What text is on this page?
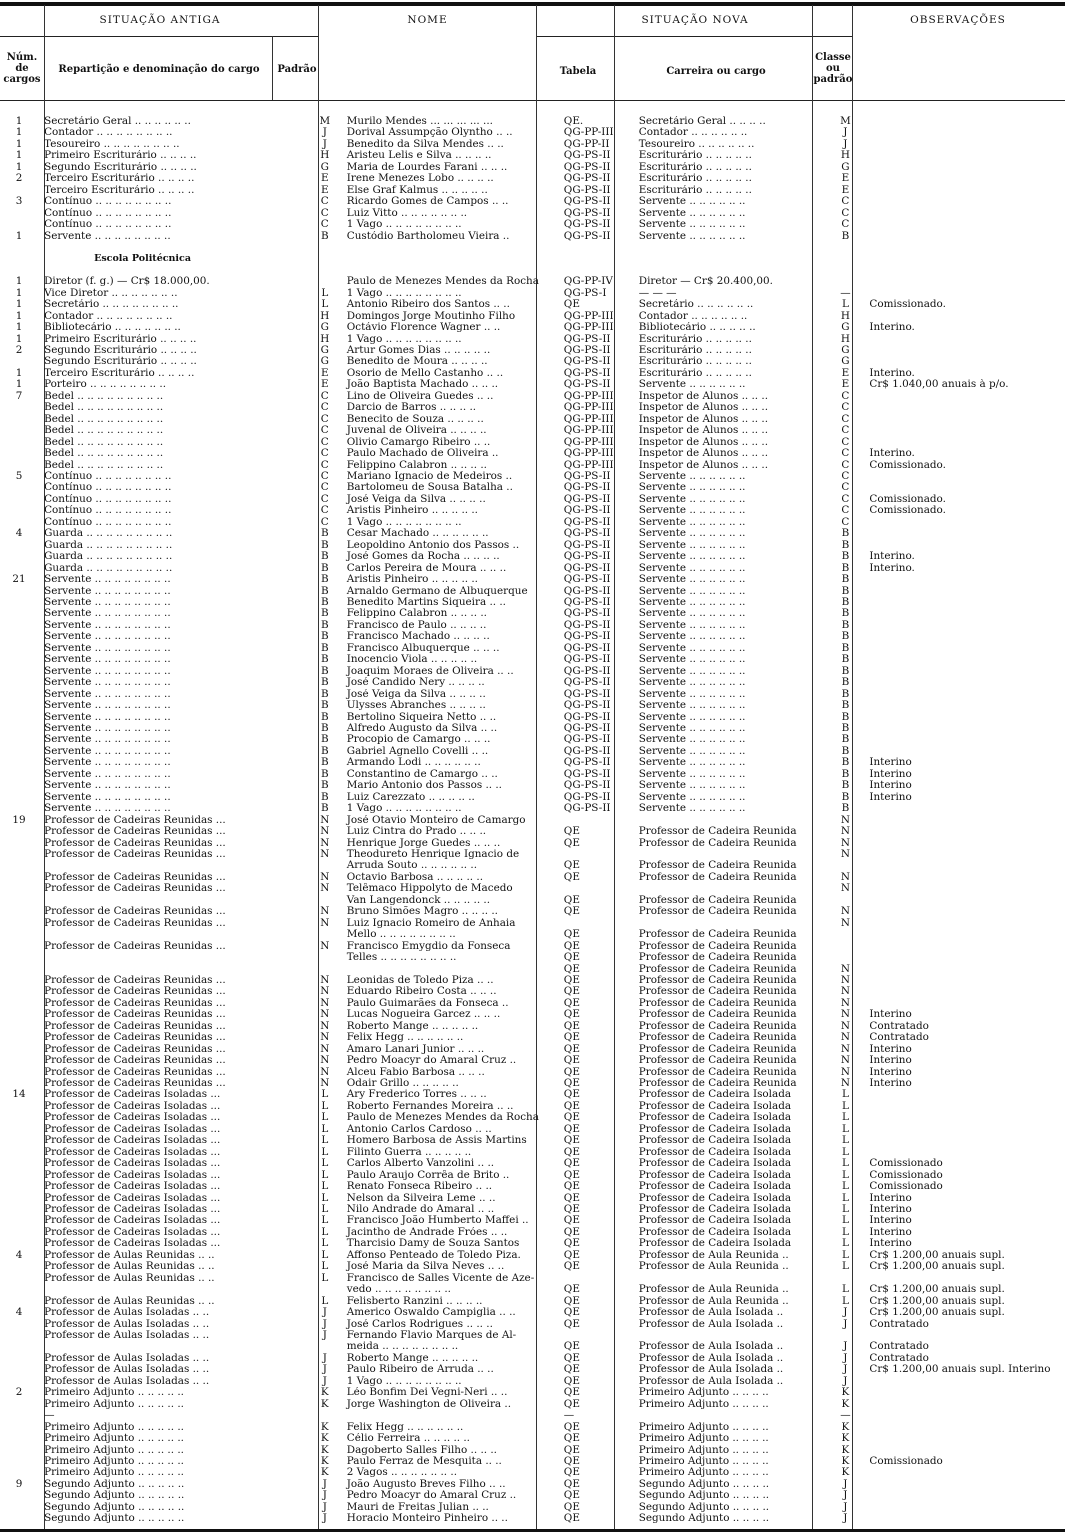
SITUAÇÃO ANTIGA	NOME	SITUAÇÃO NOVA	OBSERVAÇÕES
Núm. de cargos
Repartição e denominação do cargo	Padrão	Tabela	Carreira ou cargo
Classe ou padrão
1	Secretário Geral .. .. .. .. .. ..	M	Murilo Mendes ... ... ... ... ...	QE.	Secretário Geral .. .. .. ..	M	
1	Contador .. .. .. .. .. .. .. ..	J	Dorival Assumpção Olyntho .. ..	QG-PP-III	Contador .. .. .. .. .. ..	J	
1	Tesoureiro .. .. .. .. .. .. .. ..	J	Benedito da Silva Mendes .. ..	QG-PP-II	Tesoureiro .. .. .. .. .. ..	J	
1	Primeiro Escriturário .. .. .. ..	H	Aristeu Lelis e Silva .. .. .. ..	QG-PS-II	Escriturário .. .. .. .. ..	H	
1	Segundo Escriturário .. .. .. ..	G	Maria de Lourdes Farani .. .. ..	QG-PS-II	Escriturário .. .. .. .. ..	G	
2	Terceiro Escriturário .. .. .. ..	E	Irene Menezes Lobo .. .. .. ..	QG-PS-II	Escriturário .. .. .. .. ..	E	
	Terceiro Escriturário .. .. .. ..	E	Else Graf Kalmus .. .. .. .. ..	QG-PS-II	Escriturário .. .. .. .. ..	E	
3	Contínuo .. .. .. .. .. .. .. ..	C	Ricardo Gomes de Campos .. ..	QG-PS-II	Servente .. .. .. .. .. ..	C	
	Contínuo .. .. .. .. .. .. .. ..	C	Luiz Vitto .. .. .. .. .. .. ..	QG-PS-II	Servente .. .. .. .. .. ..	C	
	Contínuo .. .. .. .. .. .. .. ..	C	1 Vago .. .. .. .. .. .. .. ..	QG-PS-II	Servente .. .. .. .. .. ..	C	
1	Servente .. .. .. .. .. .. .. ..	B	Custódio Bartholomeu Vieira ..	QG-PS-II	Servente .. .. .. .. .. ..	B	

	Escola Politécnica						

1	Diretor (f. g.) — Cr$ 18.000,00.		Paulo de Menezes Mendes da Rocha	QG-PP-IV	Diretor — Cr$ 20.400,00.		
1	Vice Diretor .. .. .. .. .. .. ..	L	1 Vago .. .. .. .. .. .. .. ..	QG-PS-I	— — —	—	
1	Secretário .. .. .. .. .. .. .. ..	L	Antonio Ribeiro dos Santos .. ..	QE	Secretário .. .. .. .. .. ..	L	Comissionado.
1	Contador .. .. .. .. .. .. .. ..	H	Domingos Jorge Moutinho Filho	QG-PP-III	Contador .. .. .. .. .. ..	H	
1	Bibliotecário .. .. .. .. .. .. ..	G	Octávio Florence Wagner .. ..	QG-PP-III	Bibliotecário .. .. .. .. ..	G	Interino.
1	Primeiro Escriturário .. .. .. ..	H	1 Vago .. .. .. .. .. .. .. ..	QG-PS-II	Escriturário .. .. .. .. ..	H	
2	Segundo Escriturário .. .. .. ..	G	Artur Gomes Dias .. .. .. .. ..	QG-PS-II	Escriturário .. .. .. .. ..	G	
	Segundo Escriturário .. .. .. ..	G	Benedito de Moura .. .. .. ..	QG-PS-II	Escriturário .. .. .. .. ..	G	
1	Terceiro Escriturário .. .. .. ..	E	Osorio de Mello Castanho .. ..	QG-PS-II	Escriturário .. .. .. .. ..	E	Interino.
1	Porteiro .. .. .. .. .. .. .. ..	E	João Baptista Machado .. .. ..	QG-PS-II	Servente .. .. .. .. .. ..	E	Cr$ 1.040,00 anuais à p/o.
7	Bedel .. .. .. .. .. .. .. .. ..	C	Lino de Oliveira Guedes .. ..	QG-PP-III	Inspetor de Alunos .. .. ..	C	
	Bedel .. .. .. .. .. .. .. .. ..	C	Darcio de Barros .. .. .. ..	QG-PP-III	Inspetor de Alunos .. .. ..	C	
	Bedel .. .. .. .. .. .. .. .. ..	C	Benecito de Souza .. .. .. ..	QG-PP-III	Inspetor de Alunos .. .. ..	C	
	Bedel .. .. .. .. .. .. .. .. ..	C	Juvenal de Oliveira .. .. .. ..	QG-PP-III	Inspetor de Alunos .. .. ..	C	
	Bedel .. .. .. .. .. .. .. .. ..	C	Olivio Camargo Ribeiro .. ..	QG-PP-III	Inspetor de Alunos .. .. ..	C	
	Bedel .. .. .. .. .. .. .. .. ..	C	Paulo Machado de Oliveira ..	QG-PP-III	Inspetor de Alunos .. .. ..	C	Interino.
	Bedel .. .. .. .. .. .. .. .. ..	C	Felippino Calabron .. .. .. ..	QG-PP-III	Inspetor de Alunos .. .. ..	C	Comissionado.
5	Contínuo .. .. .. .. .. .. .. ..	C	Mariano Ignacio de Medeiros ..	QG-PS-II	Servente .. .. .. .. .. ..	C	
	Contínuo .. .. .. .. .. .. .. ..	C	Bartolomeu de Sousa Batalha ..	QG-PS-II	Servente .. .. .. .. .. ..	C	
	Contínuo .. .. .. .. .. .. .. ..	C	José Veiga da Silva .. .. .. ..	QG-PS-II	Servente .. .. .. .. .. ..	C	Comissionado.
	Contínuo .. .. .. .. .. .. .. ..	C	Aristis Pinheiro .. .. .. .. ..	QG-PS-II	Servente .. .. .. .. .. ..	C	Comissionado.
	Contínuo .. .. .. .. .. .. .. ..	C	1 Vago .. .. .. .. .. .. .. ..	QG-PS-II	Servente .. .. .. .. .. ..	C	
4	Guarda .. .. .. .. .. .. .. .. ..	B	Cesar Machado .. .. .. .. .. ..	QG-PS-II	Servente .. .. .. .. .. ..	B	
	Guarda .. .. .. .. .. .. .. .. ..	B	Leopoldino Antonio dos Passos ..	QG-PS-II	Servente .. .. .. .. .. ..	B	
	Guarda .. .. .. .. .. .. .. .. ..	B	José Gomes da Rocha .. .. .. ..	QG-PS-II	Servente .. .. .. .. .. ..	B	Interino.
	Guarda .. .. .. .. .. .. .. .. ..	B	Carlos Pereira de Moura .. .. ..	QG-PS-II	Servente .. .. .. .. .. ..	B	Interino.
21	Servente .. .. .. .. .. .. .. ..	B	Aristis Pinheiro .. .. .. .. ..	QG-PS-II	Servente .. .. .. .. .. ..	B	
	Servente .. .. .. .. .. .. .. ..	B	Arnaldo Germano de Albuquerque	QG-PS-II	Servente .. .. .. .. .. ..	B	
	Servente .. .. .. .. .. .. .. ..	B	Benedito Martins Siqueira .. ..	QG-PS-II	Servente .. .. .. .. .. ..	B	
	Servente .. .. .. .. .. .. .. ..	B	Felippino Calabron .. .. .. ..	QG-PS-II	Servente .. .. .. .. .. ..	B	
	Servente .. .. .. .. .. .. .. ..	B	Francisco de Paulo .. .. .. ..	QG-PS-II	Servente .. .. .. .. .. ..	B	
	Servente .. .. .. .. .. .. .. ..	B	Francisco Machado .. .. .. ..	QG-PS-II	Servente .. .. .. .. .. ..	B	
	Servente .. .. .. .. .. .. .. ..	B	Francisco Albuquerque .. .. ..	QG-PS-II	Servente .. .. .. .. .. ..	B	
	Servente .. .. .. .. .. .. .. ..	B	Inocencio Viola .. .. .. .. ..	QG-PS-II	Servente .. .. .. .. .. ..	B	
	Servente .. .. .. .. .. .. .. ..	B	Joaquim Moraes de Oliveira .. ..	QG-PS-II	Servente .. .. .. .. .. ..	B	
	Servente .. .. .. .. .. .. .. ..	B	José Candido Nery .. .. .. ..	QG-PS-II	Servente .. .. .. .. .. ..	B	
	Servente .. .. .. .. .. .. .. ..	B	José Veiga da Silva .. .. .. ..	QG-PS-II	Servente .. .. .. .. .. ..	B	
	Servente .. .. .. .. .. .. .. ..	B	Ulysses Abranches .. .. .. ..	QG-PS-II	Servente .. .. .. .. .. ..	B	
	Servente .. .. .. .. .. .. .. ..	B	Bertolino Siqueira Netto .. ..	QG-PS-II	Servente .. .. .. .. .. ..	B	
	Servente .. .. .. .. .. .. .. ..	B	Alfredo Augusto da Silva .. ..	QG-PS-II	Servente .. .. .. .. .. ..	B	
	Servente .. .. .. .. .. .. .. ..	B	Procopio de Camargo .. .. ..	QG-PS-II	Servente .. .. .. .. .. ..	B	
	Servente .. .. .. .. .. .. .. ..	B	Gabriel Agnello Covelli .. ..	QG-PS-II	Servente .. .. .. .. .. ..	B	
	Servente .. .. .. .. .. .. .. ..	B	Armando Lodi .. .. .. .. .. ..	QG-PS-II	Servente .. .. .. .. .. ..	B	Interino
	Servente .. .. .. .. .. .. .. ..	B	Constantino de Camargo .. ..	QG-PS-II	Servente .. .. .. .. .. ..	B	Interino
	Servente .. .. .. .. .. .. .. ..	B	Mario Antonio dos Passos .. ..	QG-PS-II	Servente .. .. .. .. .. ..	B	Interino
	Servente .. .. .. .. .. .. .. ..	B	Luiz Carezzato .. .. .. .. ..	QG-PS-II	Servente .. .. .. .. .. ..	B	Interino
	Servente .. .. .. .. .. .. .. ..	B	1 Vago .. .. .. .. .. .. .. ..	QG-PS-II	Servente .. .. .. .. .. ..	B	
19	Professor de Cadeiras Reunidas ...	N	José Otavio Monteiro de Camargo			N	
	Professor de Cadeiras Reunidas ...	N	Luiz Cintra do Prado .. .. ..	QE	Professor de Cadeira Reunida	N	
	Professor de Cadeiras Reunidas ...	N	Henrique Jorge Guedes .. .. ..	QE	Professor de Cadeira Reunida	N	
	Professor de Cadeiras Reunidas ...	N	Theodureto Henrique Ignacio de			N	
			Arruda Souto .. .. .. .. .. ..	QE	Professor de Cadeira Reunida		
	Professor de Cadeiras Reunidas ...	N	Octavio Barbosa .. .. .. .. ..	QE	Professor de Cadeira Reunida	N	
	Professor de Cadeiras Reunidas ...	N	Telêmaco Hippolyto de Macedo			N	
			Van Langendonck .. .. .. .. ..	QE	Professor de Cadeira Reunida		
	Professor de Cadeiras Reunidas ...	N	Bruno Simões Magro .. .. .. ..	QE	Professor de Cadeira Reunida	N	
	Professor de Cadeiras Reunidas ...	N	Luiz Ignacio Romeiro de Anhaia			N	
			Mello .. .. .. .. .. .. .. ..	QE	Professor de Cadeira Reunida		
	Professor de Cadeiras Reunidas ...	N	Francisco Emygdio da Fonseca	QE	Professor de Cadeira Reunida		
			Telles .. .. .. .. .. .. .. ..	QE	Professor de Cadeira Reunida		
				QE	Professor de Cadeira Reunida	N	
	Professor de Cadeiras Reunidas ...	N	Leonidas de Toledo Piza .. ..	QE	Professor de Cadeira Reunida	N	
	Professor de Cadeiras Reunidas ...	N	Eduardo Ribeiro Costa .. .. ..	QE	Professor de Cadeira Reunida	N	
	Professor de Cadeiras Reunidas ...	N	Paulo Guimarães da Fonseca ..	QE	Professor de Cadeira Reunida	N	
	Professor de Cadeiras Reunidas ...	N	Lucas Nogueira Garcez .. .. ..	QE	Professor de Cadeira Reunida	N	Interino
	Professor de Cadeiras Reunidas ...	N	Roberto Mange .. .. .. .. ..	QE	Professor de Cadeira Reunida	N	Contratado
	Professor de Cadeiras Reunidas ...	N	Felix Hegg .. .. .. .. .. ..	QE	Professor de Cadeira Reunida	N	Contratado
	Professor de Cadeiras Reunidas ...	N	Amaro Lanari Junior .. .. ..	QE	Professor de Cadeira Reunida	N	Interino
	Professor de Cadeiras Reunidas ...	N	Pedro Moacyr do Amaral Cruz ..	QE	Professor de Cadeira Reunida	N	Interino
	Professor de Cadeiras Reunidas ...	N	Alceu Fabio Barbosa .. .. ..	QE	Professor de Cadeira Reunida	N	Interino
	Professor de Cadeiras Reunidas ...	N	Odair Grillo .. .. .. .. ..	QE	Professor de Cadeira Reunida	N	Interino
14	Professor de Cadeiras Isoladas ...	L	Ary Frederico Torres .. .. ..	QE	Professor de Cadeira Isolada	L	
	Professor de Cadeiras Isoladas ...	L	Roberto Fernandes Moreira .. ..	QE	Professor de Cadeira Isolada	L	
	Professor de Cadeiras Isoladas ...	L	Paulo de Menezes Mendes da Rocha	QE	Professor de Cadeira Isolada	L	
	Professor de Cadeiras Isoladas ...	L	Antonio Carlos Cardoso .. ..	QE	Professor de Cadeira Isolada	L	
	Professor de Cadeiras Isoladas ...	L	Homero Barbosa de Assis Martins	QE	Professor de Cadeira Isolada	L	
	Professor de Cadeiras Isoladas ...	L	Filinto Guerra .. .. .. .. ..	QE	Professor de Cadeira Isolada	L	
	Professor de Cadeiras Isoladas ...	L	Carlos Alberto Vanzolini .. ..	QE	Professor de Cadeira Isolada	L	Comissionado
	Professor de Cadeiras Isoladas ...	L	Paulo Araujo Corrêa de Brito ..	QE	Professor de Cadeira Isolada	L	Comissionado
	Professor de Cadeiras Isoladas ...	L	Renato Fonseca Ribeiro .. ..	QE	Professor de Cadeira Isolada	L	Comissionado
	Professor de Cadeiras Isoladas ...	L	Nelson da Silveira Leme .. ..	QE	Professor de Cadeira Isolada	L	Interino
	Professor de Cadeiras Isoladas ...	L	Nilo Andrade do Amaral .. ..	QE	Professor de Cadeira Isolada	L	Interino
	Professor de Cadeiras Isoladas ...	L	Francisco João Humberto Maffei ..	QE	Professor de Cadeira Isolada	L	Interino
	Professor de Cadeiras Isoladas ...	L	Jacintho de Andrade Fróes .. ..	QE	Professor de Cadeira Isolada	L	Interino
	Professor de Cadeiras Isoladas ...	L	Tharcisio Damy de Souza Santos	QE	Professor de Cadeira Isolada	L	Interino
4	Professor de Aulas Reunidas .. ..	L	Affonso Penteado de Toledo Piza.	QE	Professor de Aula Reunida ..	L	Cr$ 1.200,00 anuais supl.
	Professor de Aulas Reunidas .. ..	L	José Maria da Silva Neves .. ..	QE	Professor de Aula Reunida ..	L	Cr$ 1.200,00 anuais supl.
	Professor de Aulas Reunidas .. ..	L	Francisco de Salles Vicente de Aze-				
			vedo .. .. .. .. .. .. .. ..	QE	Professor de Aula Reunida ..	L	Cr$ 1.200,00 anuais supl.
	Professor de Aulas Reunidas .. ..	L	Felisberto Ranzini .. .. .. ..	QE	Professor de Aula Reunida ..	L	Cr$ 1.200,00 anuais supl.
4	Professor de Aulas Isoladas .. ..	J	Americo Oswaldo Campiglia .. ..	QE	Professor de Aula Isolada ..	J	Cr$ 1.200,00 anuais supl.
	Professor de Aulas Isoladas .. ..	J	José Carlos Rodrigues .. .. ..	QE	Professor de Aula Isolada ..	J	Contratado
	Professor de Aulas Isoladas .. ..	J	Fernando Flavio Marques de Al-				
			meida .. .. .. .. .. .. .. ..	QE	Professor de Aula Isolada ..	J	Contratado
	Professor de Aulas Isoladas .. ..	J	Roberto Mange .. .. .. .. ..	QE	Professor de Aula Isolada ..	J	Contratado
	Professor de Aulas Isoladas .. ..	J	Paulo Ribeiro de Arruda .. ..	QE	Professor de Aula Isolada ..	J	Cr$ 1.200,00 anuais supl. Interino
	Professor de Aulas Isoladas .. ..	J	1 Vago .. .. .. .. .. .. .. ..	QE	Professor de Aula Isolada ..	J	
2	Primeiro Adjunto .. .. .. .. ..	K	Léo Bonfim Dei Vegni-Neri .. ..	QE	Primeiro Adjunto .. .. .. ..	K	
	Primeiro Adjunto .. .. .. .. ..	K	Jorge Washington de Oliveira ..	QE	Primeiro Adjunto .. .. .. ..	K	
	—			—		—	
	Primeiro Adjunto .. .. .. .. ..	K	Felix Hegg .. .. .. .. .. ..	QE	Primeiro Adjunto .. .. .. ..	K	
	Primeiro Adjunto .. .. .. .. ..	K	Célio Ferreira .. .. .. .. ..	QE	Primeiro Adjunto .. .. .. ..	K	
	Primeiro Adjunto .. .. .. .. ..	K	Dagoberto Salles Filho .. .. ..	QE	Primeiro Adjunto .. .. .. ..	K	
	Primeiro Adjunto .. .. .. .. ..	K	Paulo Ferraz de Mesquita .. ..	QE	Primeiro Adjunto .. .. .. ..	K	Comissionado
	Primeiro Adjunto .. .. .. .. ..	K	2 Vagos .. .. .. .. .. .. ..	QE	Primeiro Adjunto .. .. .. ..	K	
9	Segundo Adjunto .. .. .. .. ..	J	João Augusto Breves Filho .. ..	QE	Segundo Adjunto .. .. .. ..	J	
	Segundo Adjunto .. .. .. .. ..	J	Pedro Moacyr do Amaral Cruz ..	QE	Segundo Adjunto .. .. .. ..	J	
	Segundo Adjunto .. .. .. .. ..	J	Mauri de Freitas Julian .. ..	QE	Segundo Adjunto .. .. .. ..	J	
	Segundo Adjunto .. .. .. .. ..	J	Horacio Monteiro Pinheiro .. ..	QE	Segundo Adjunto .. .. .. ..	J	
